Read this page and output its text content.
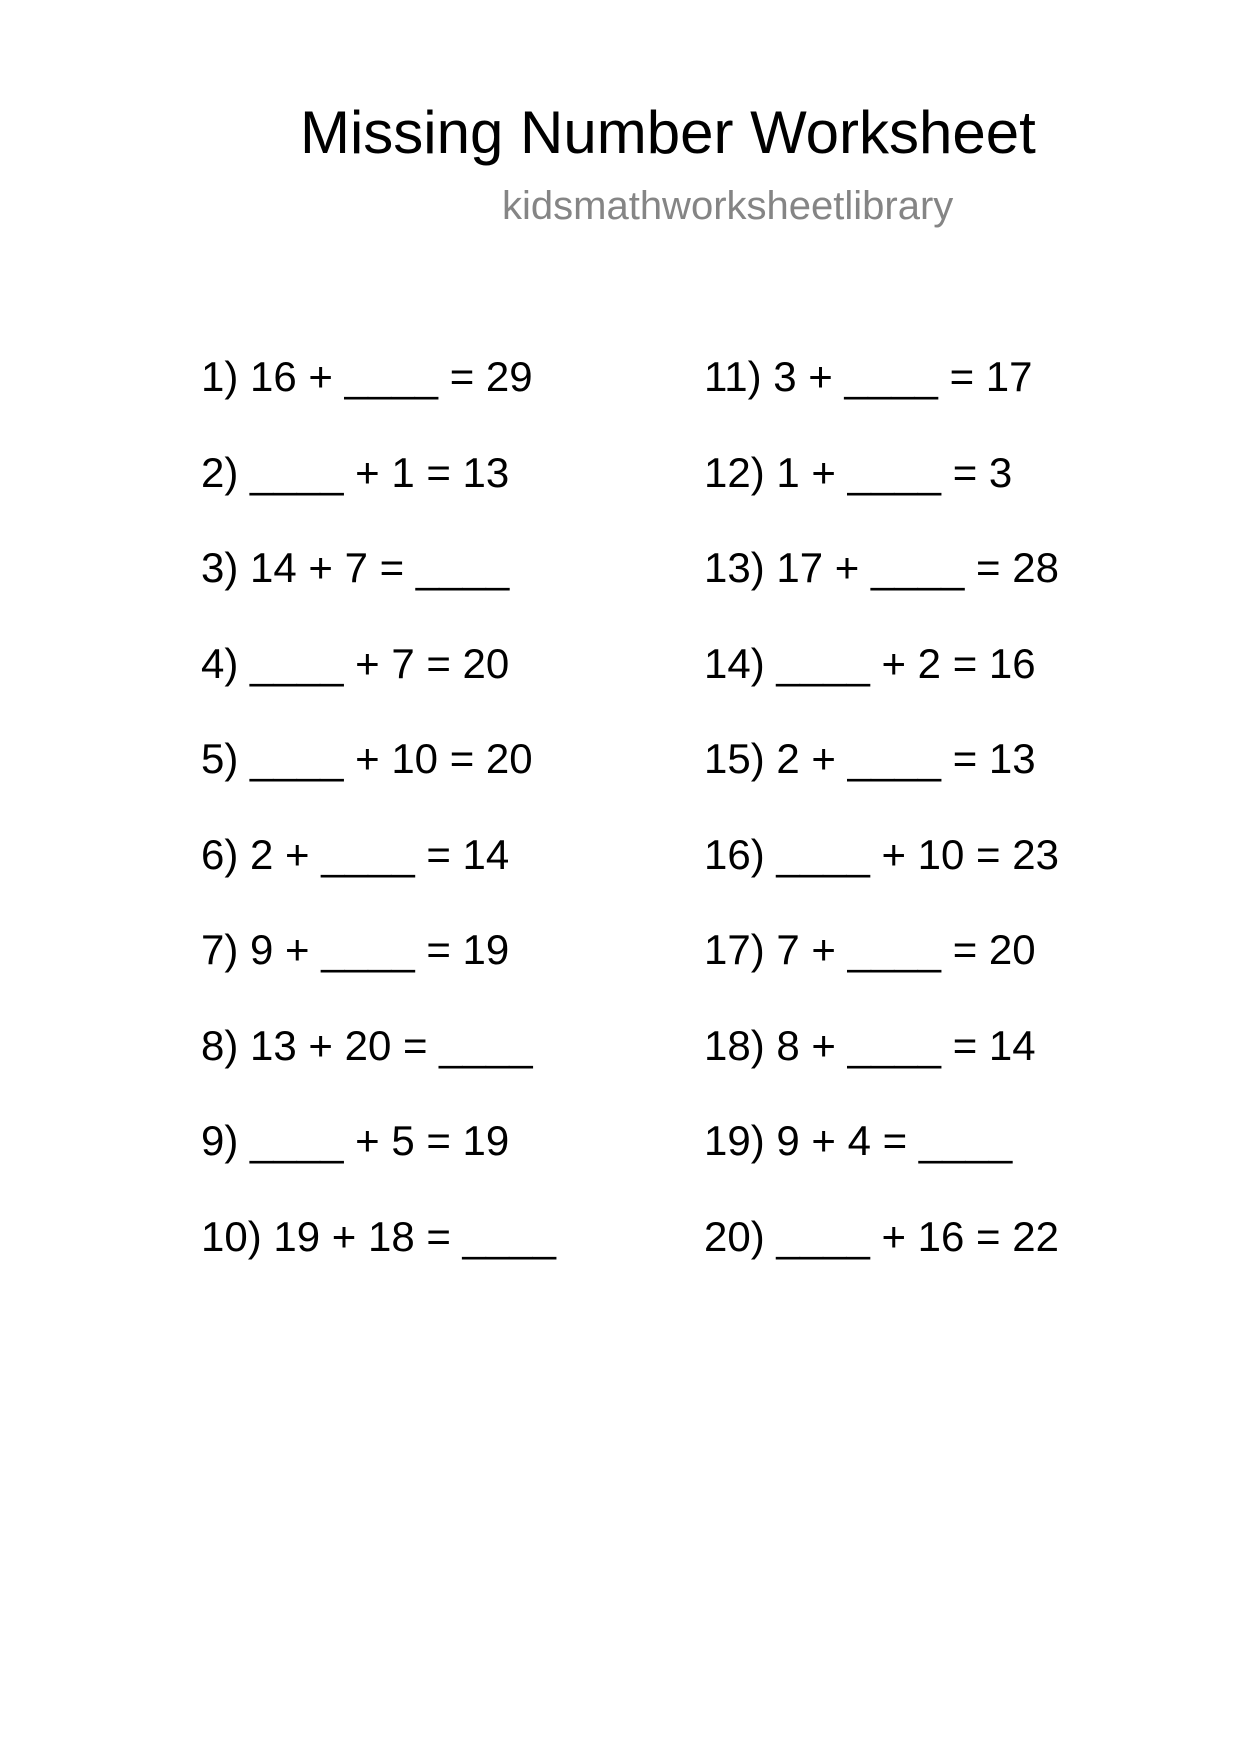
Missing Number Worksheet
kidsmathworksheetlibrary
1) 16 + ____ = 29
2) ____ + 1 = 13
3) 14 + 7 = ____
4) ____ + 7 = 20
5) ____ + 10 = 20
6) 2 + ____ = 14
7) 9 + ____ = 19
8) 13 + 20 = ____
9) ____ + 5 = 19
10) 19 + 18 = ____
11) 3 + ____ = 17
12) 1 + ____ = 3
13) 17 + ____ = 28
14) ____ + 2 = 16
15) 2 + ____ = 13
16) ____ + 10 = 23
17) 7 + ____ = 20
18) 8 + ____ = 14
19) 9 + 4 = ____
20) ____ + 16 = 22
